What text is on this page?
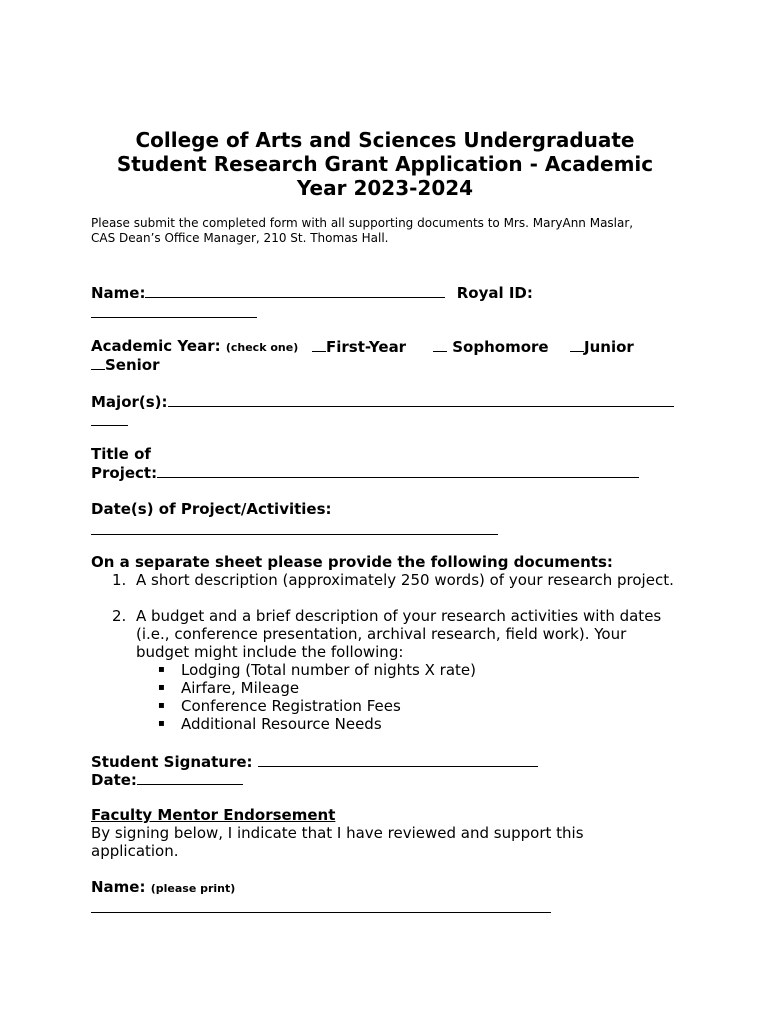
College of Arts and Sciences Undergraduate
Student Research Grant Application - Academic
Year 2023-2024
Please submit the completed form with all supporting documents to Mrs. MaryAnn Maslar,
CAS Dean’s Office Manager, 210 St. Thomas Hall.
Name:	Royal ID:
Academic Year: (check one)	First-Year	Sophomore	Junior
Senior
Major(s):
Title of
Project:
Date(s) of Project/Activities:
On a separate sheet please provide the following documents:
1. A short description (approximately 250 words) of your research project.
2. A budget and a brief description of your research activities with dates
(i.e., conference presentation, archival research, field work). Your
budget might include the following:
▪ Lodging (Total number of nights X rate)
▪ Airfare, Mileage
▪ Conference Registration Fees
▪ Additional Resource Needs
Student Signature:
Date:
Faculty Mentor Endorsement
By signing below, I indicate that I have reviewed and support this
application.
Name: (please print)
